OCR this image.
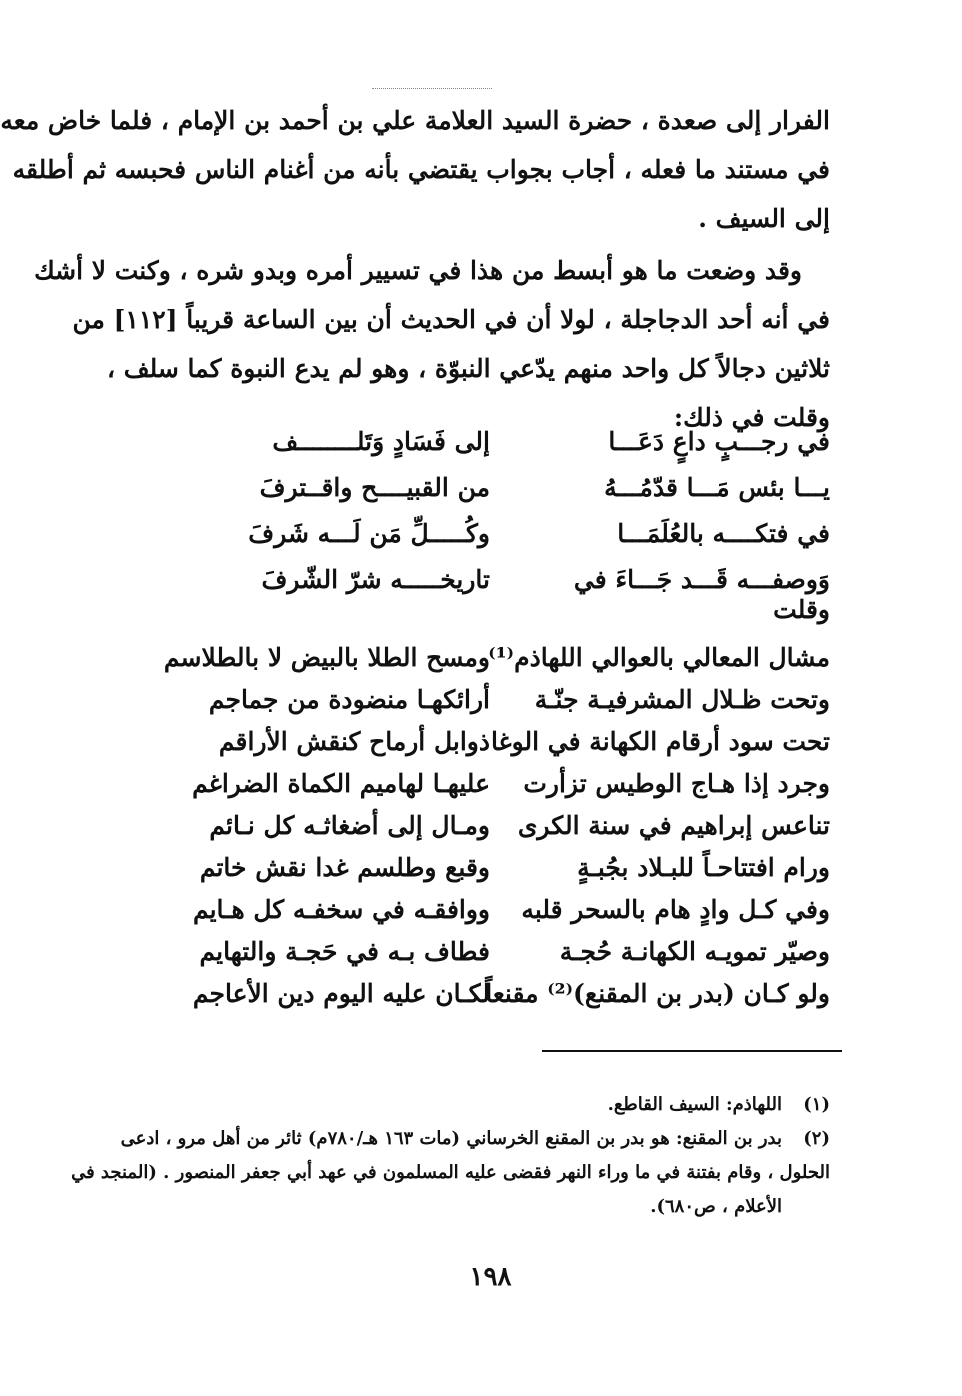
الفرار إلى صعدة ، حضرة السيد العلامة علي بن أحمد بن الإمام ، فلما خاض معه
في مستند ما فعله ، أجاب بجواب يقتضي بأنه من أغنام الناس فحبسه ثم أطلقه
إلى السيف .
وقد وضعت ما هو أبسط من هذا في تسيير أمره وبدو شره ، وكنت لا أشك
في أنه أحد الدجاجلة ، لولا أن في الحديث أن بين الساعة قريباً [١١٢] من
ثلاثين دجالاً كل واحد منهم يدّعي النبوّة ، وهو لم يدع النبوة كما سلف ،
وقلت في ذلك:
في رجـــبٍ داعٍ دَعَـــا
إلى فَسَادٍ وَتَلــــــــف
يـــا بئس مَـــا قدّمُـــهُ
من القبيــــح واقــترفَ
في فتكــــه بالعُلَمَـــا
وكُـــــلِّ مَن لَـــه شَرفَ
وَوصفـــه قَـــد جَـــاءَ في
تاريخـــــه شرّ الشّرفَ
وقلت
مشال المعالي بالعوالي اللهاذم⁽¹⁾
ومسح الطلا بالبيض لا بالطلاسم
وتحت ظـلال المشرفيـة جنّـة
أرائكهـا منضودة من جماجم
تحت سود أرقام الكهانة في الوغا
ذوابل أرماح كنقش الأراقم
وجرد إذا هـاج الوطيس تزأرت
عليهـا لهاميم الكماة الضراغم
تناعس إبراهيم في سنة الكرى
ومـال إلى أضغاثـه كل نـائم
ورام افتتاحـاً للبـلاد بجُبـةٍ
وقبع وطلسم غدا نقش خاتم
وفي كـل وادٍ هام بالسحر قلبه
ووافقـه في سخفـه كل هـايم
وصيّر تمويـه الكهانـة حُجـة
فطاف بـه في حَجـة والتهايم
ولو كـان (بدر بن المقنع)⁽²⁾ مقنعاً
لكـان عليه اليوم دين الأعاجم
(١)
اللهاذم: السيف القاطع.
(٢)
بدر بن المقنع: هو بدر بن المقنع الخرساني (مات ١٦٣ هـ/٧٨٠م) ثائر من أهل مرو ، ادعى
الحلول ، وقام بفتنة في ما وراء النهر فقضى عليه المسلمون في عهد أبي جعفر المنصور . (المنجد في
الأعلام ، ص٦٨٠).
١٩٨
